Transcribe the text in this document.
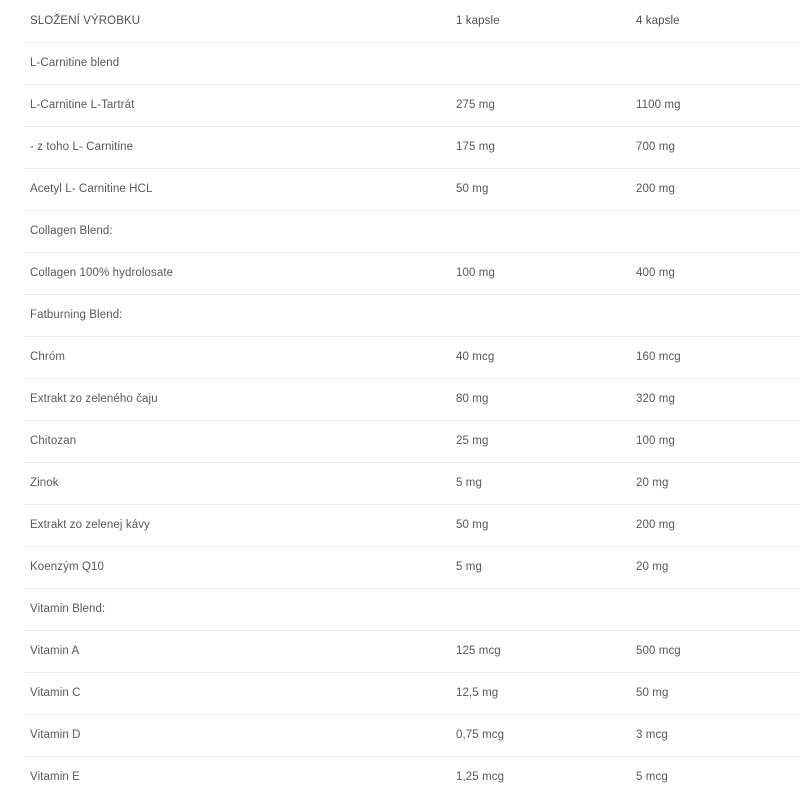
SLOŽENÍ VÝROBKU	1 kapsle	4 kapsle
L-Carnitine blend		
L-Carnitine L-Tartrát	275 mg	1100 mg
- z toho L- Carnitine	175 mg	700 mg
Acetyl L- Carnitine HCL	50 mg	200 mg
Collagen Blend:		
Collagen 100% hydrolosate	100 mg	400 mg
Fatburning Blend:		
Chróm	40 mcg	160 mcg
Extrakt zo zeleného čaju	80 mg	320 mg
Chitozan	25 mg	100 mg
Zinok	5 mg	20 mg
Extrakt zo zelenej kávy	50 mg	200 mg
Koenzým Q10	5 mg	20 mg
Vitamin Blend:		
Vitamin A	125 mcg	500 mcg
Vitamin C	12,5 mg	50 mg
Vitamin D	0,75 mcg	3 mcg
Vitamin E	1,25 mcg	5 mcg
